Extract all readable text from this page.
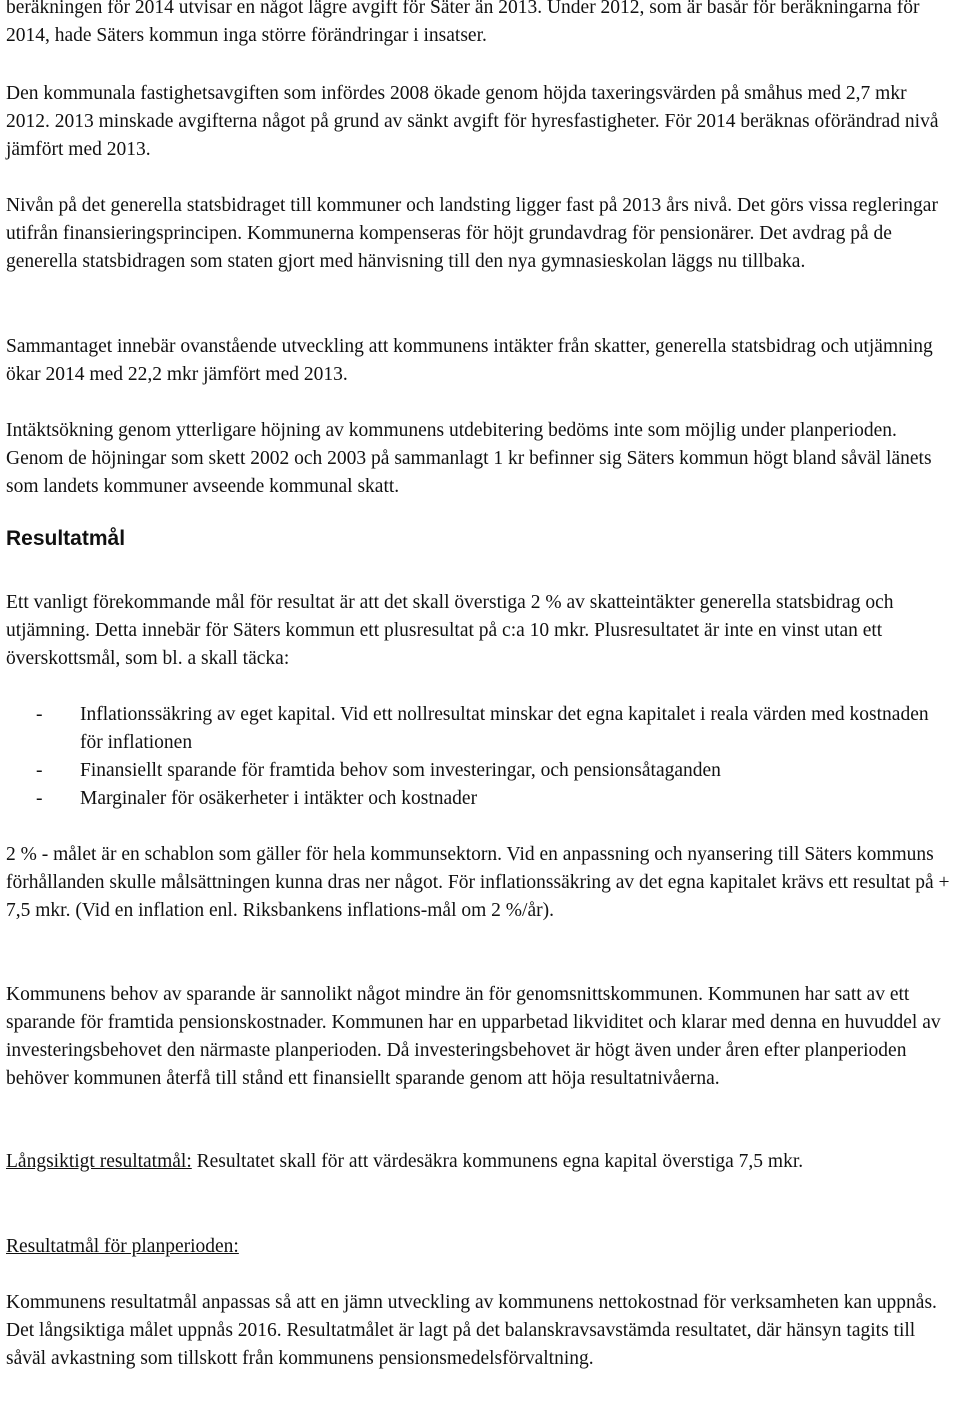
beräkningen för 2014 utvisar en något lägre avgift för Säter än 2013. Under 2012, som är basår för beräkningarna för 2014, hade Säters kommun inga större förändringar i insatser.

Den kommunala fastighetsavgiften som infördes 2008 ökade genom höjda taxeringsvärden på småhus med 2,7 mkr 2012. 2013 minskade avgifterna något på grund av sänkt avgift för hyresfastigheter. För 2014 beräknas oförändrad nivå jämfört med 2013.

Nivån på det generella statsbidraget till kommuner och landsting ligger fast på 2013 års nivå. Det görs vissa regleringar utifrån finansieringsprincipen. Kommunerna kompenseras för höjt grundavdrag för pensionärer. Det avdrag på de generella statsbidragen som staten gjort med hänvisning till den nya gymnasieskolan läggs nu tillbaka.

Sammantaget innebär ovanstående utveckling att kommunens intäkter från skatter, generella statsbidrag och utjämning ökar 2014 med 22,2 mkr jämfört med 2013.

Intäktsökning genom ytterligare höjning av kommunens utdebitering bedöms inte som möjlig under planperioden. Genom de höjningar som skett 2002 och 2003 på sammanlagt 1 kr befinner sig Säters kommun högt bland såväl länets som landets kommuner avseende kommunal skatt.

Resultatmål

Ett vanligt förekommande mål för resultat är att det skall överstiga 2 % av skatteintäkter generella statsbidrag och utjämning. Detta innebär för Säters kommun ett plusresultat på c:a 10 mkr. Plusresultatet är inte en vinst utan ett överskottsmål, som bl. a skall täcka:

- Inflationssäkring av eget kapital. Vid ett nollresultat minskar det egna kapitalet i reala värden med kostnaden för inflationen
- Finansiellt sparande för framtida behov som investeringar, och pensionsåtaganden
- Marginaler för osäkerheter i intäkter och kostnader

2 % - målet är en schablon som gäller för hela kommunsektorn. Vid en anpassning och nyansering till Säters kommuns förhållanden skulle målsättningen kunna dras ner något. För inflationssäkring av det egna kapitalet krävs ett resultat på + 7,5 mkr. (Vid en inflation enl. Riksbankens inflations-mål om 2 %/år).

Kommunens behov av sparande är sannolikt något mindre än för genomsnittskommunen. Kommunen har satt av ett sparande för framtida pensionskostnader. Kommunen har en upparbetad likviditet och klarar med denna en huvuddel av investeringsbehovet den närmaste planperioden. Då investeringsbehovet är högt även under åren efter planperioden behöver kommunen återfå till stånd ett finansiellt sparande genom att höja resultatnivåerna.

Långsiktigt resultatmål: Resultatet skall för att värdesäkra kommunens egna kapital överstiga 7,5 mkr.

Resultatmål för planperioden:

Kommunens resultatmål anpassas så att en jämn utveckling av kommunens nettokostnad för verksamheten kan uppnås. Det långsiktiga målet uppnås 2016. Resultatmålet är lagt på det balanskravsavstämda resultatet, där hänsyn tagits till såväl avkastning som tillskott från kommunens pensionsmedelsförvaltning.
